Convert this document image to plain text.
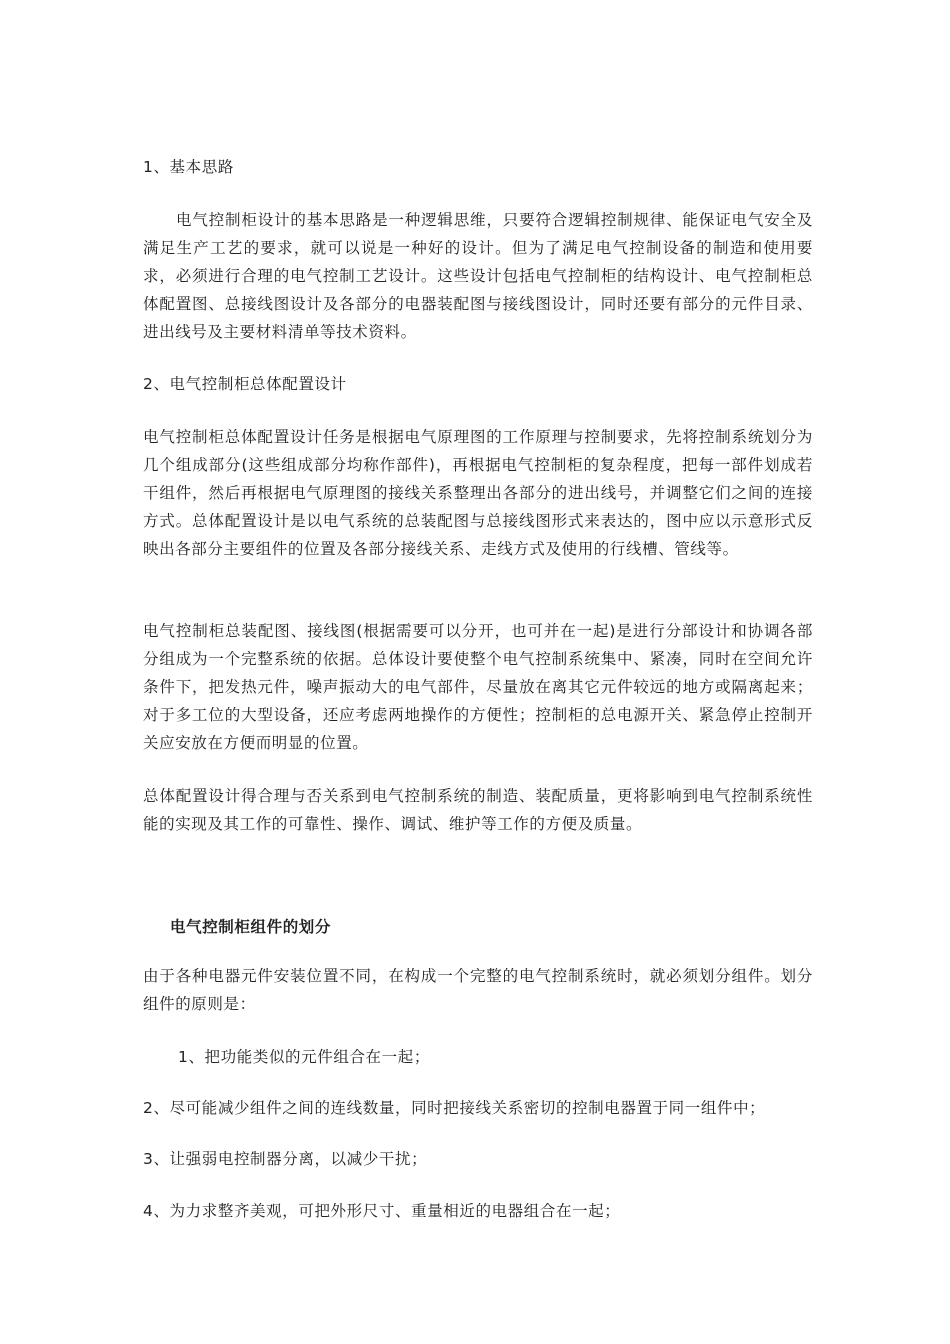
1、基本思路
电气控制柜设计的基本思路是一种逻辑思维，只要符合逻辑控制规律、能保证电气安全及满足生产工艺的要求，就可以说是一种好的设计。但为了满足电气控制设备的制造和使用要求，必须进行合理的电气控制工艺设计。这些设计包括电气控制柜的结构设计、电气控制柜总体配置图、总接线图设计及各部分的电器装配图与接线图设计，同时还要有部分的元件目录、进出线号及主要材料清单等技术资料。
2、电气控制柜总体配置设计
电气控制柜总体配置设计任务是根据电气原理图的工作原理与控制要求，先将控制系统划分为几个组成部分(这些组成部分均称作部件)，再根据电气控制柜的复杂程度，把每一部件划成若干组件，然后再根据电气原理图的接线关系整理出各部分的进出线号，并调整它们之间的连接方式。总体配置设计是以电气系统的总装配图与总接线图形式来表达的，图中应以示意形式反映出各部分主要组件的位置及各部分接线关系、走线方式及使用的行线槽、管线等。
电气控制柜总装配图、接线图(根据需要可以分开，也可并在一起)是进行分部设计和协调各部分组成为一个完整系统的依据。总体设计要使整个电气控制系统集中、紧凑，同时在空间允许条件下，把发热元件，噪声振动大的电气部件，尽量放在离其它元件较远的地方或隔离起来；对于多工位的大型设备，还应考虑两地操作的方便性；控制柜的总电源开关、紧急停止控制开关应安放在方便而明显的位置。
总体配置设计得合理与否关系到电气控制系统的制造、装配质量，更将影响到电气控制系统性能的实现及其工作的可靠性、操作、调试、维护等工作的方便及质量。
电气控制柜组件的划分
由于各种电器元件安装位置不同，在构成一个完整的电气控制系统时，就必须划分组件。划分组件的原则是：
1、把功能类似的元件组合在一起；
2、尽可能减少组件之间的连线数量，同时把接线关系密切的控制电器置于同一组件中；
3、让强弱电控制器分离，以减少干扰；
4、为力求整齐美观，可把外形尺寸、重量相近的电器组合在一起；
